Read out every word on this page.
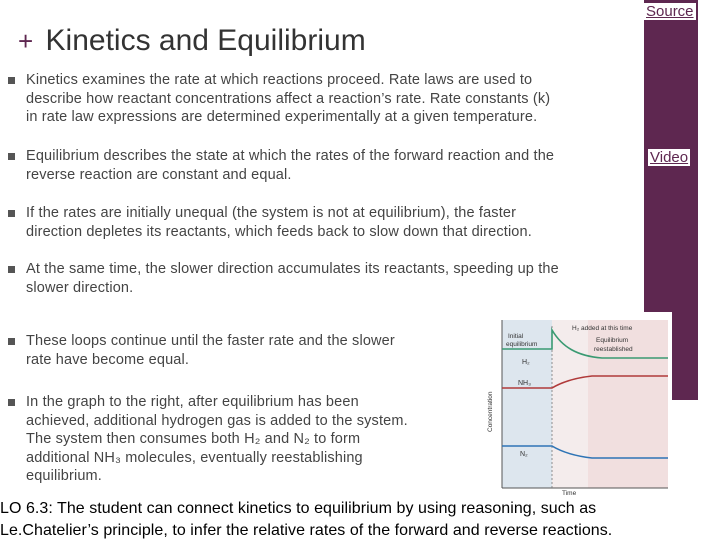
Source
Video
+ Kinetics and Equilibrium
Kinetics examines the rate at which reactions proceed. Rate laws are used to
describe how reactant concentrations affect a reaction’s rate. Rate constants (k)
in rate law expressions are determined experimentally at a given temperature.
Equilibrium describes the state at which the rates of the forward reaction and the
reverse reaction are constant and equal.
If the rates are initially unequal (the system is not at equilibrium), the faster
direction depletes its reactants, which feeds back to slow down that direction.
At the same time, the slower direction accumulates its reactants, speeding up the
slower direction.
These loops continue until the faster rate and the slower
rate have become equal.
In the graph to the right, after equilibrium has been
achieved, additional hydrogen gas is added to the system.
The system then consumes both H₂ and N₂ to form
additional NH₃ molecules, eventually reestablishing
equilibrium.
H₂ added at this time
Initial
equilibrium
Equilibrium
reestablished
H₂
NH₃
N₂
Concentration
Time
LO 6.3: The student can connect kinetics to equilibrium by using reasoning, such as
Le.Chatelier’s principle, to infer the relative rates of the forward and reverse reactions.
